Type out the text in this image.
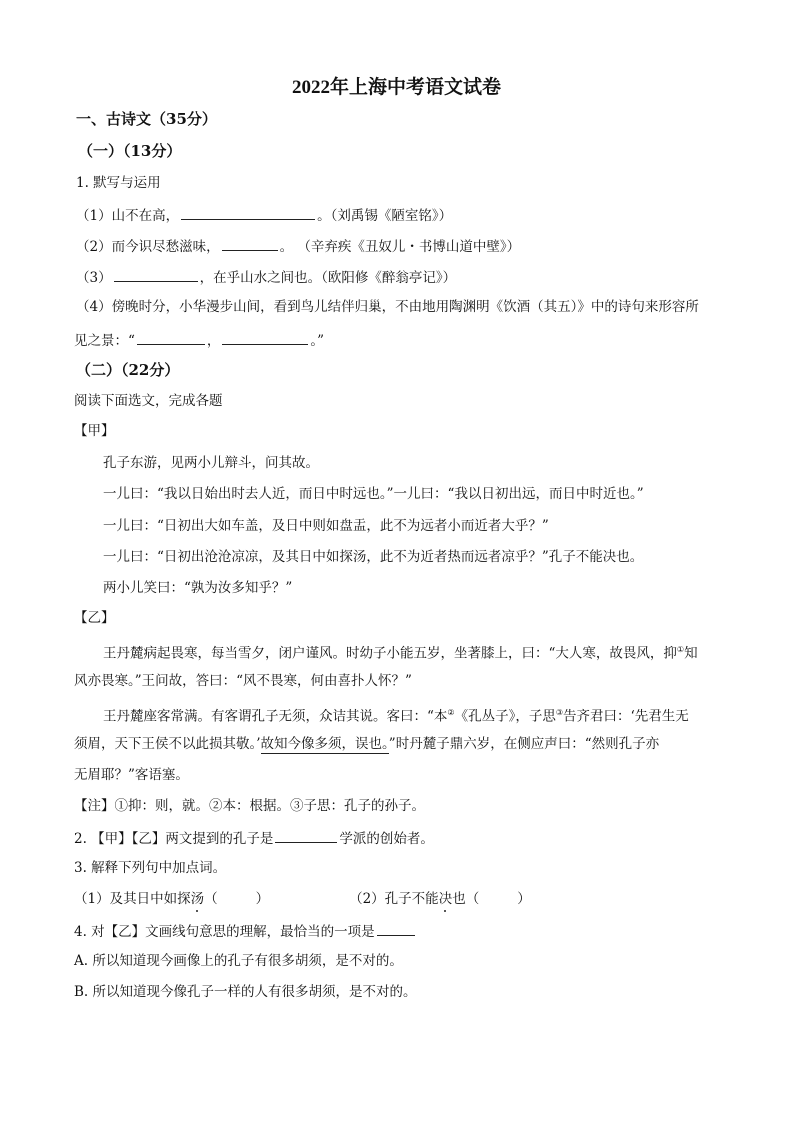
2022年上海中考语文试卷
一、古诗文（35分）
（一）（13分）
1. 默写与运用
（1）山不在高，	。（刘禹锡《陋室铭》）
（2）而今识尽愁滋味，	。 （辛弃疾《丑奴儿・书博山道中壁》）
（3）	，在乎山水之间也。（欧阳修《醉翁亭记》）
（4）傍晚时分，小华漫步山间，看到鸟儿结伴归巢，不由地用陶渊明《饮酒（其五）》中的诗句来形容所
见之景：“	，	。”
（二）（22分）
阅读下面选文，完成各题
【甲】
孔子东游，见两小儿辩斗，问其故。
一儿曰：“我以日始出时去人近，而日中时远也。”一儿曰：“我以日初出远，而日中时近也。”
一儿曰：“日初出大如车盖，及日中则如盘盂，此不为远者小而近者大乎？”
一儿曰：“日初出沧沧凉凉，及其日中如探汤，此不为近者热而远者凉乎？”孔子不能决也。
两小儿笑曰：“孰为汝多知乎？”
【乙】
王丹麓病起畏寒，每当雪夕，闭户谨风。时幼子小能五岁，坐著膝上，曰：“大人寒，故畏风，抑①知
风亦畏寒。”王问故，答曰：“风不畏寒，何由喜扑人怀？”
王丹麓座客常满。有客谓孔子无须，众诘其说。客曰：“本②《孔丛子》，子思③告齐君曰：‘先君生无
须眉，天下王侯不以此损其敬。’故知今像多须，误也。”时丹麓子鼎六岁，在侧应声曰：“然则孔子亦
无眉耶？”客语塞。
【注】①抑：则，就。②本：根据。③子思：孔子的孙子。
2. 【甲】【乙】两文提到的孔子是	学派的创始者。
3. 解释下列句中加点词。
（1）及其日中如探汤（	）	（2）孔子不能决也（	）
4. 对【乙】文画线句意思的理解，最恰当的一项是
A. 所以知道现今画像上的孔子有很多胡须，是不对的。
B. 所以知道现今像孔子一样的人有很多胡须，是不对的。
